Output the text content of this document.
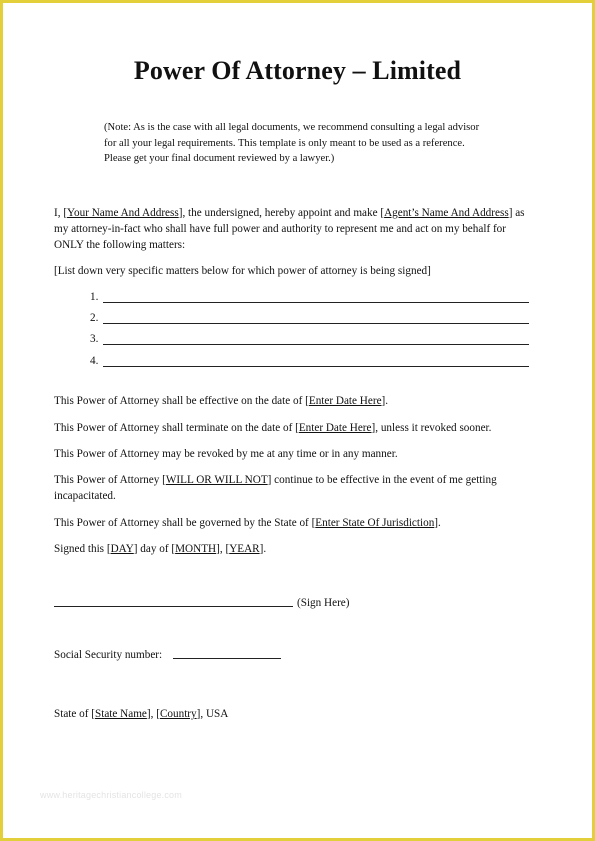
Power Of Attorney – Limited
(Note: As is the case with all legal documents, we recommend consulting a legal advisor for all your legal requirements. This template is only meant to be used as a reference. Please get your final document reviewed by a lawyer.)
I, [Your Name And Address], the undersigned, hereby appoint and make [Agent’s Name And Address] as my attorney-in-fact who shall have full power and authority to represent me and act on my behalf for ONLY the following matters:
[List down very specific matters below for which power of attorney is being signed]
1.
2.
3.
4.
This Power of Attorney shall be effective on the date of [Enter Date Here].
This Power of Attorney shall terminate on the date of [Enter Date Here], unless it revoked sooner.
This Power of Attorney may be revoked by me at any time or in any manner.
This Power of Attorney [WILL OR WILL NOT] continue to be effective in the event of me getting incapacitated.
This Power of Attorney shall be governed by the State of [Enter State Of Jurisdiction].
Signed this [DAY] day of [MONTH], [YEAR].
(Sign Here)
Social Security number:
State of [State Name], [Country], USA
www.heritagechristiancollege.com
